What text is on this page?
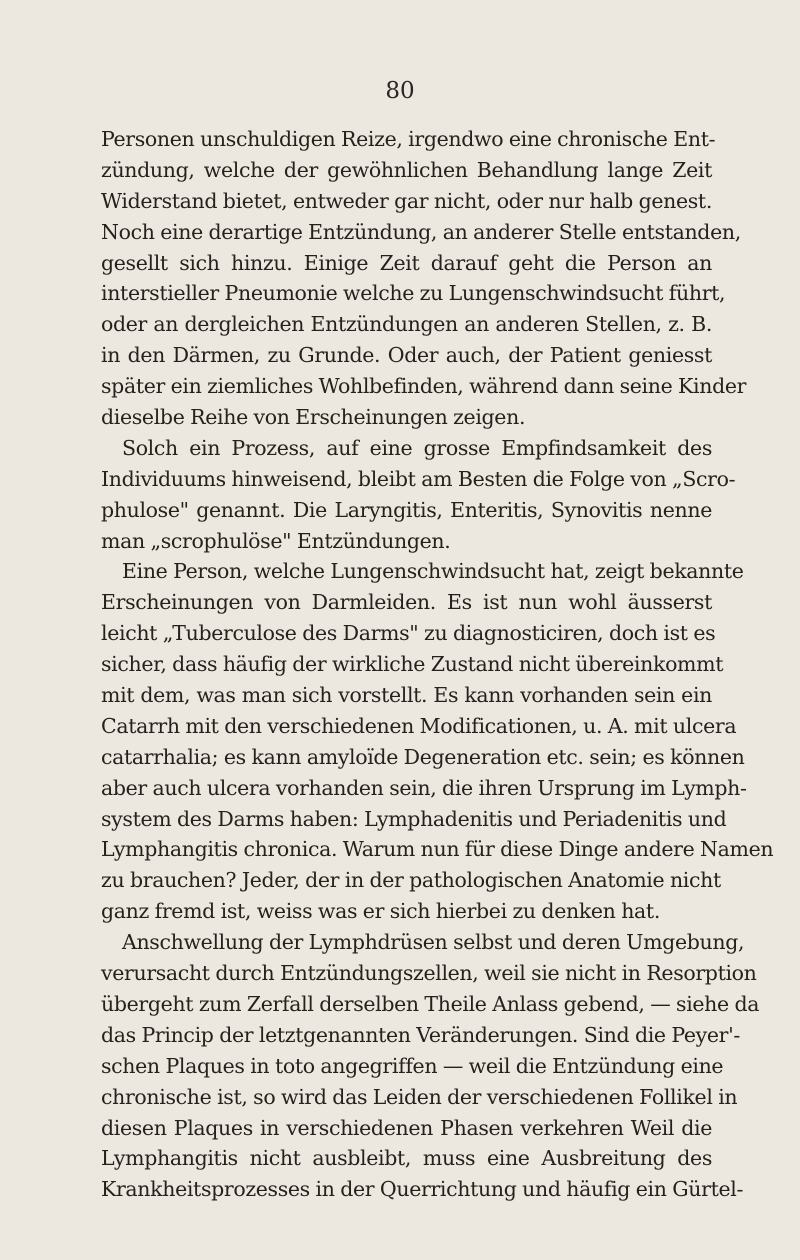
80
Personen unschuldigen Reize, irgendwo eine chronische Ent-
zündung, welche der gewöhnlichen Behandlung lange Zeit
Widerstand bietet, entweder gar nicht, oder nur halb genest.
Noch eine derartige Entzündung, an anderer Stelle entstanden,
gesellt sich hinzu. Einige Zeit darauf geht die Person an
interstieller Pneumonie welche zu Lungenschwindsucht führt,
oder an dergleichen Entzündungen an anderen Stellen, z. B.
in den Därmen, zu Grunde. Oder auch, der Patient geniesst
später ein ziemliches Wohlbefinden, während dann seine Kinder
dieselbe Reihe von Erscheinungen zeigen.
Solch ein Prozess, auf eine grosse Empfindsamkeit des
Individuums hinweisend, bleibt am Besten die Folge von „Scro-
phulose" genannt. Die Laryngitis, Enteritis, Synovitis nenne
man „scrophulöse" Entzündungen.
Eine Person, welche Lungenschwindsucht hat, zeigt bekannte
Erscheinungen von Darmleiden. Es ist nun wohl äusserst
leicht „Tuberculose des Darms" zu diagnosticiren, doch ist es
sicher, dass häufig der wirkliche Zustand nicht übereinkommt
mit dem, was man sich vorstellt. Es kann vorhanden sein ein
Catarrh mit den verschiedenen Modificationen, u. A. mit ulcera
catarrhalia; es kann amyloïde Degeneration etc. sein; es können
aber auch ulcera vorhanden sein, die ihren Ursprung im Lymph-
system des Darms haben: Lymphadenitis und Periadenitis und
Lymphangitis chronica. Warum nun für diese Dinge andere Namen
zu brauchen? Jeder, der in der pathologischen Anatomie nicht
ganz fremd ist, weiss was er sich hierbei zu denken hat.
Anschwellung der Lymphdrüsen selbst und deren Umgebung,
verursacht durch Entzündungszellen, weil sie nicht in Resorption
übergeht zum Zerfall derselben Theile Anlass gebend, — siehe da
das Princip der letztgenannten Veränderungen. Sind die Peyer'-
schen Plaques in toto angegriffen — weil die Entzündung eine
chronische ist, so wird das Leiden der verschiedenen Follikel in
diesen Plaques in verschiedenen Phasen verkehren Weil die
Lymphangitis nicht ausbleibt, muss eine Ausbreitung des
Krankheitsprozesses in der Querrichtung und häufig ein Gürtel-
